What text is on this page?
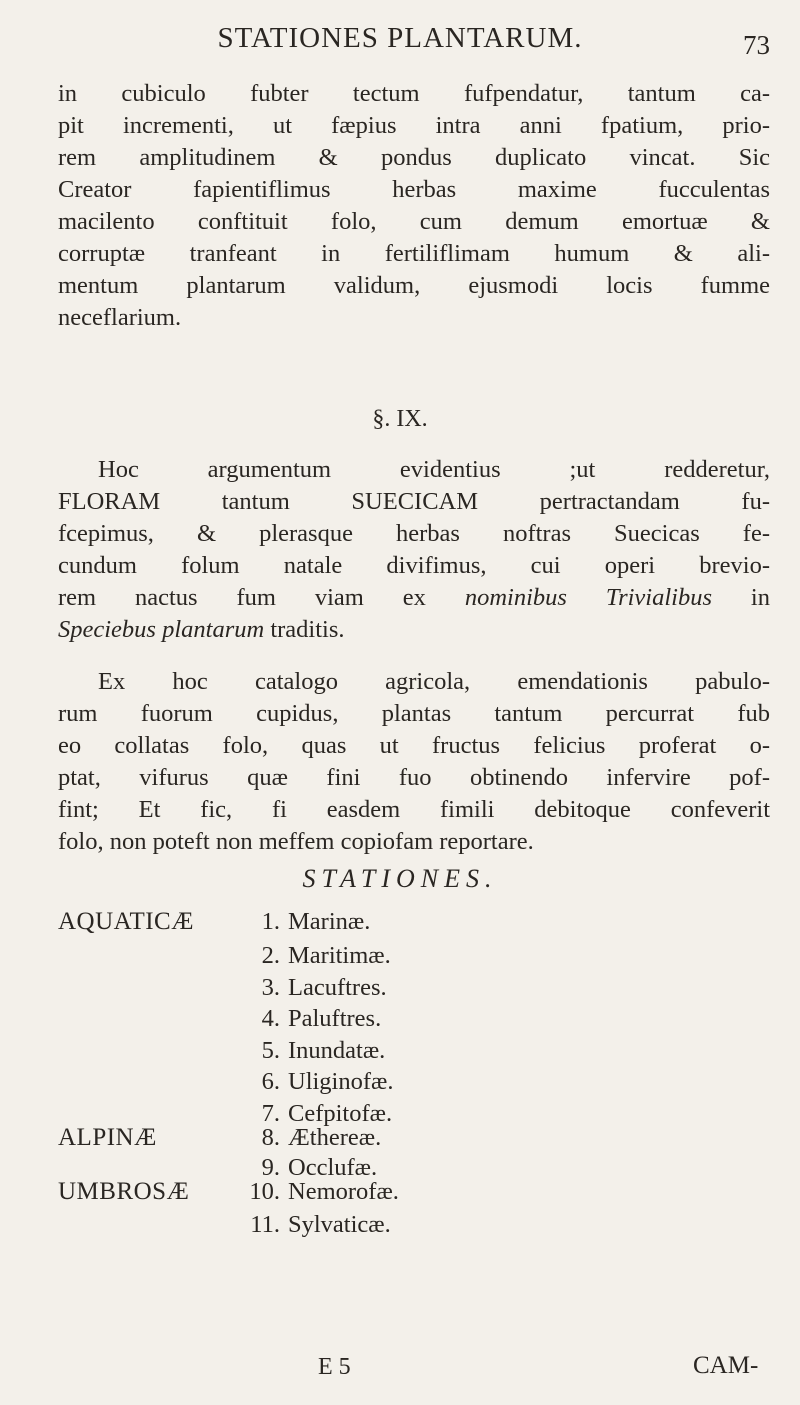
STATIONES PLANTARUM.	73
in cubiculo fubter tectum fufpendatur, tantum ca-
pit incrementi, ut fæpius intra anni fpatium, prio-
rem amplitudinem & pondus duplicato vincat. Sic
Creator fapientiflimus herbas maxime fucculentas
macilento conftituit folo, cum demum emortuæ &
corruptæ tranfeant in fertiliflimam humum & ali-
mentum plantarum validum, ejusmodi locis fumme
neceflarium.
§. IX.
Hoc argumentum evidentius ;ut redderetur,
FLORAM tantum SUECICAM pertractandam fu-
fcepimus, & plerasque herbas noftras Suecicas fe-
cundum folum natale divifimus, cui operi brevio-
rem nactus fum viam ex nominibus Trivialibus in
Speciebus plantarum traditis.
Ex hoc catalogo agricola, emendationis pabulo-
rum fuorum cupidus, plantas tantum percurrat fub
eo collatas folo, quas ut fructus felicius proferat o-
ptat, vifurus quæ fini fuo obtinendo infervire pof-
fint; Et fic, fi easdem fimili debitoque confeverit
folo, non poteft non meffem copiofam reportare.
STATIONES.
AQUATICÆ
ALPINÆ
UMBROSÆ
1. Marinæ.
2. Maritimæ.
3. Lacuftres.
4. Paluftres.
5. Inundatæ.
6. Uliginofæ.
7. Cefpitofæ.
8. Æthereæ.
9. Occlufæ.
10. Nemorofæ.
11. Sylvaticæ.
E 5	CAM-
